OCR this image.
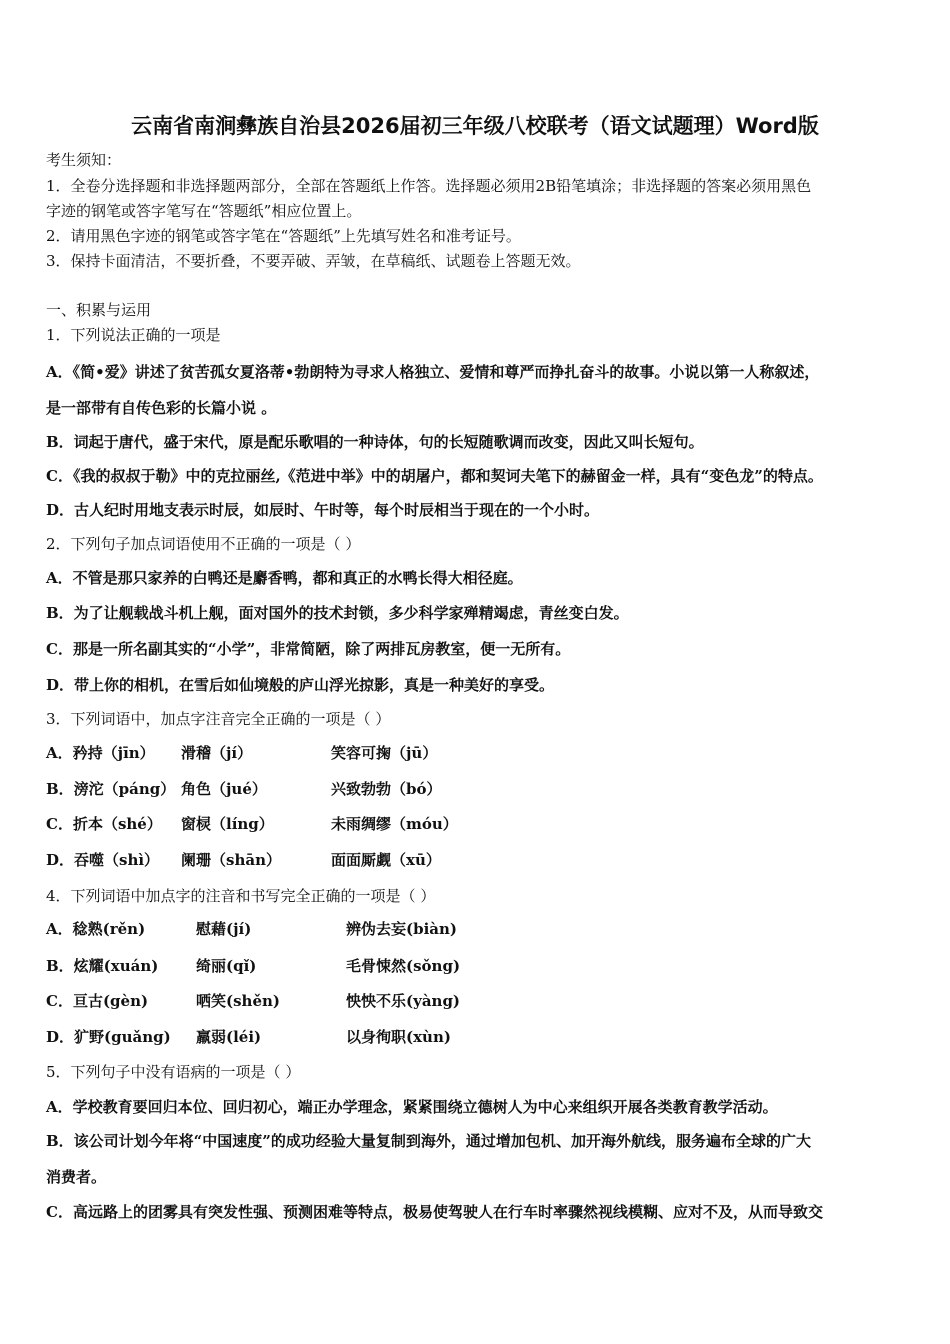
云南省南涧彝族自治县2026届初三年级八校联考（语文试题理）Word版
考生须知：
1．全卷分选择题和非选择题两部分，全部在答题纸上作答。选择题必须用2B铅笔填涂；非选择题的答案必须用黑色
字迹的钢笔或答字笔写在“答题纸”相应位置上。
2．请用黑色字迹的钢笔或答字笔在“答题纸”上先填写姓名和准考证号。
3．保持卡面清洁，不要折叠，不要弄破、弄皱，在草稿纸、试题卷上答题无效。
一、积累与运用
1．下列说法正确的一项是
A．《简•爱》讲述了贫苦孤女夏洛蒂•勃朗特为寻求人格独立、爱情和尊严而挣扎奋斗的故事。小说以第一人称叙述，
是一部带有自传色彩的长篇小说 。
B．词起于唐代，盛于宋代，原是配乐歌唱的一种诗体，句的长短随歌调而改变，因此又叫长短句。
C．《我的叔叔于勒》中的克拉丽丝,《范进中举》中的胡屠户，都和契诃夫笔下的赫留金一样，具有“变色龙”的特点。
D．古人纪时用地支表示时辰，如辰时、午时等，每个时辰相当于现在的一个小时。
2．下列句子加点词语使用不正确的一项是（ ）
A．不管是那只家养的白鸭还是麝香鸭，都和真正的水鸭长得大相径庭。
B．为了让舰载战斗机上舰，面对国外的技术封锁，多少科学家殚精竭虑，青丝变白发。
C．那是一所名副其实的“小学”，非常简陋，除了两排瓦房教室，便一无所有。
D．带上你的相机，在雪后如仙境般的庐山浮光掠影，真是一种美好的享受。
3．下列词语中，加点字注音完全正确的一项是（ ）
A．矜持（jīn） 滑稽（jí）	笑容可掬（jū）
B．滂沱（páng） 角色（jué）	兴致勃勃（bó）
C．折本（shé） 窗棂（líng）	未雨绸缪（móu）
D．吞噬（shì） 阑珊（shān）	面面厮觑（xū）
4．下列词语中加点字的注音和书写完全正确的一项是（ ）
A．稔熟(rěn)	慰藉(jí)	辨伪去妄(biàn)
B．炫耀(xuán)	绮丽(qǐ)	毛骨悚然(sǒng)
C．亘古(gèn)	哂笑(shěn)	怏怏不乐(yàng)
D．犷野(guǎng) 羸弱(léi)	以身徇职(xùn)
5．下列句子中没有语病的一项是（ ）
A．学校教育要回归本位、回归初心，端正办学理念，紧紧围绕立德树人为中心来组织开展各类教育教学活动。
B．该公司计划今年将“中国速度”的成功经验大量复制到海外，通过增加包机、加开海外航线，服务遍布全球的广大
消费者。
C．高远路上的团雾具有突发性强、预测困难等特点，极易使驾驶人在行车时率骤然视线模糊、应对不及，从而导致交
